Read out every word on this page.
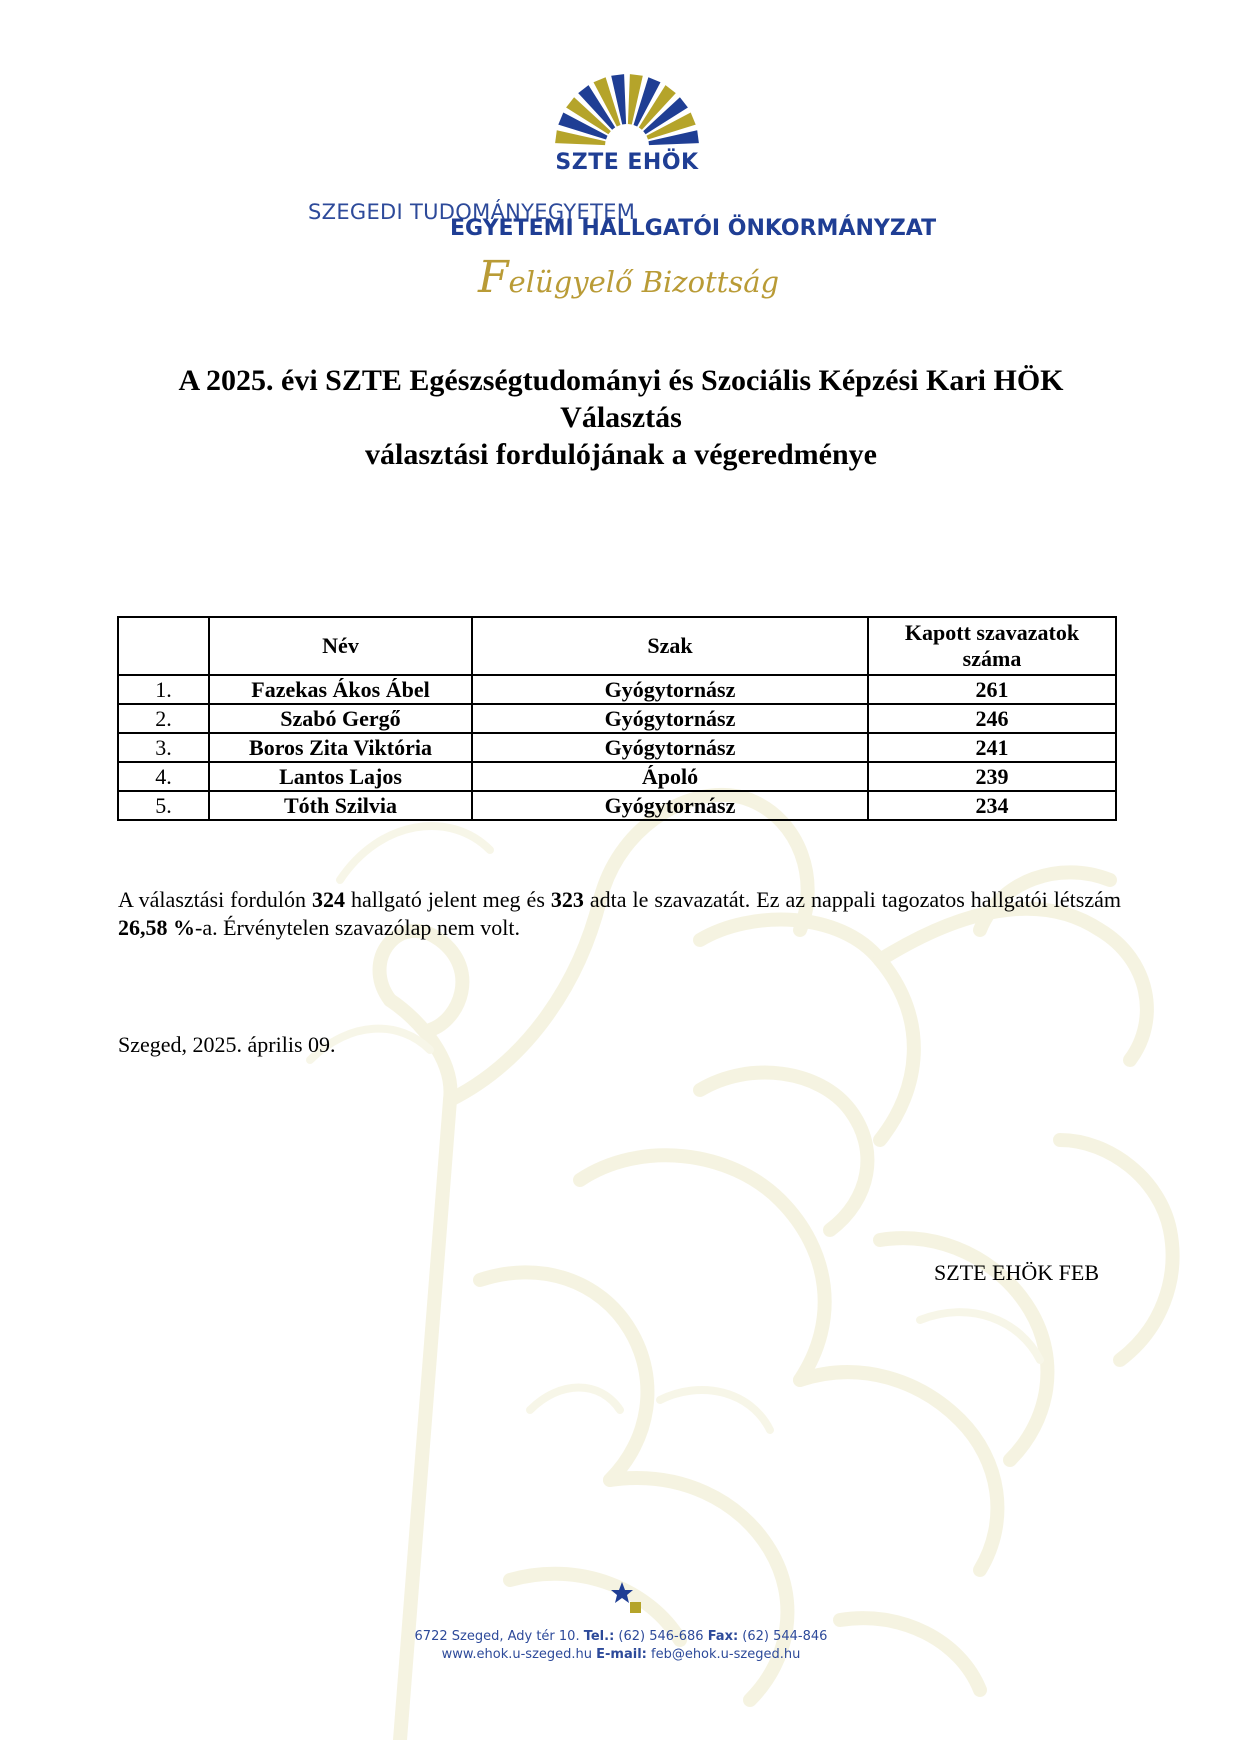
SZTE EHÖK
SZEGEDI TUDOMÁNYEGYETEM
EGYETEMI HALLGATÓI ÖNKORMÁNYZAT
Felügyelő Bizottság
A 2025. évi SZTE Egészségtudományi és Szociális Képzési Kari HÖK
Választás
választási fordulójának a végeredménye
	Név	Szak	Kapott szavazatok
száma
1.	Fazekas Ákos Ábel	Gyógytornász	261
2.	Szabó Gergő	Gyógytornász	246
3.	Boros Zita Viktória	Gyógytornász	241
4.	Lantos Lajos	Ápoló	239
5.	Tóth Szilvia	Gyógytornász	234
A választási fordulón 324 hallgató jelent meg és 323 adta le szavazatát. Ez az nappali tagozatos hallgatói létszám 26,58 %-a. Érvénytelen szavazólap nem volt.
Szeged, 2025. április 09.
SZTE EHÖK FEB
6722 Szeged, Ady tér 10. Tel.: (62) 546-686 Fax: (62) 544-846
www.ehok.u-szeged.hu E-mail: feb@ehok.u-szeged.hu
